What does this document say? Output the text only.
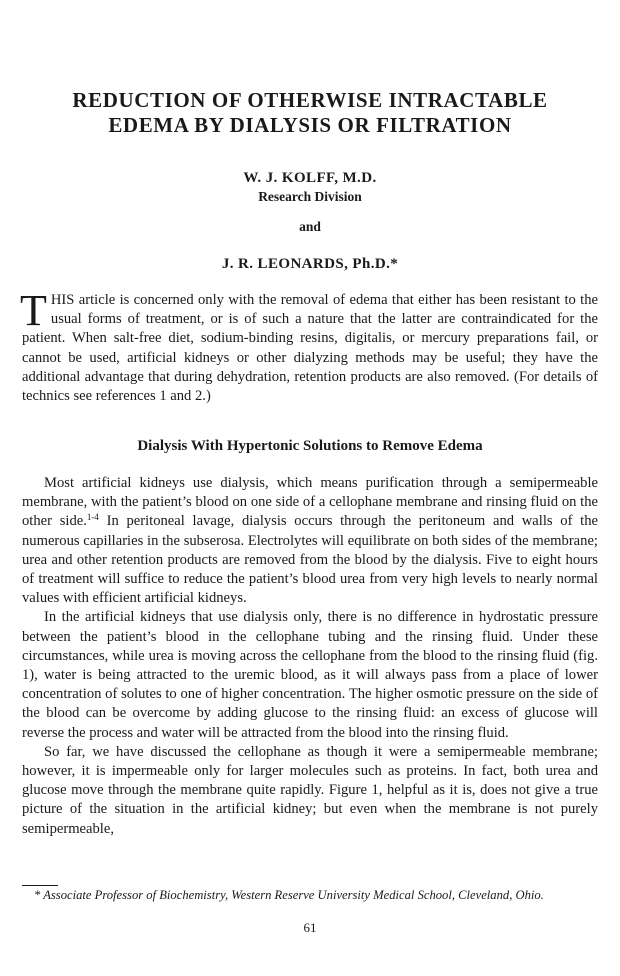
REDUCTION OF OTHERWISE INTRACTABLE
EDEMA BY DIALYSIS OR FILTRATION
W. J. KOLFF, M.D.
Research Division
and
J. R. LEONARDS, Ph.D.*

THIS article is concerned only with the removal of edema that either has been resistant to the usual forms of treatment, or is of such a nature that the latter are contraindicated for the patient. When salt-free diet, sodium-binding resins, digitalis, or mercury preparations fail, or cannot be used, artificial kidneys or other dialyzing methods may be useful; they have the additional advantage that during dehydration, retention products are also removed. (For details of technics see references 1 and 2.)

Dialysis With Hypertonic Solutions to Remove Edema

Most artificial kidneys use dialysis, which means purification through a semipermeable membrane, with the patient’s blood on one side of a cellophane membrane and rinsing fluid on the other side.$^{1-4}$ In peritoneal lavage, dialysis occurs through the peritoneum and walls of the numerous capillaries in the subserosa. Electrolytes will equilibrate on both sides of the membrane; urea and other retention products are removed from the blood by the dialysis. Five to eight hours of treatment will suffice to reduce the patient’s blood urea from very high levels to nearly normal values with efficient artificial kidneys.

In the artificial kidneys that use dialysis only, there is no difference in hydrostatic pressure between the patient’s blood in the cellophane tubing and the rinsing fluid. Under these circumstances, while urea is moving across the cellophane from the blood to the rinsing fluid (fig. 1), water is being attracted to the uremic blood, as it will always pass from a place of lower concentration of solutes to one of higher concentration. The higher osmotic pressure on the side of the blood can be overcome by adding glucose to the rinsing fluid: an excess of glucose will reverse the process and water will be attracted from the blood into the rinsing fluid.

So far, we have discussed the cellophane as though it were a semipermeable membrane; however, it is impermeable only for larger molecules such as proteins. In fact, both urea and glucose move through the membrane quite rapidly. Figure 1, helpful as it is, does not give a true picture of the situation in the artificial kidney; but even when the membrane is not purely semipermeable,

* Associate Professor of Biochemistry, Western Reserve University Medical School, Cleveland, Ohio.
61
